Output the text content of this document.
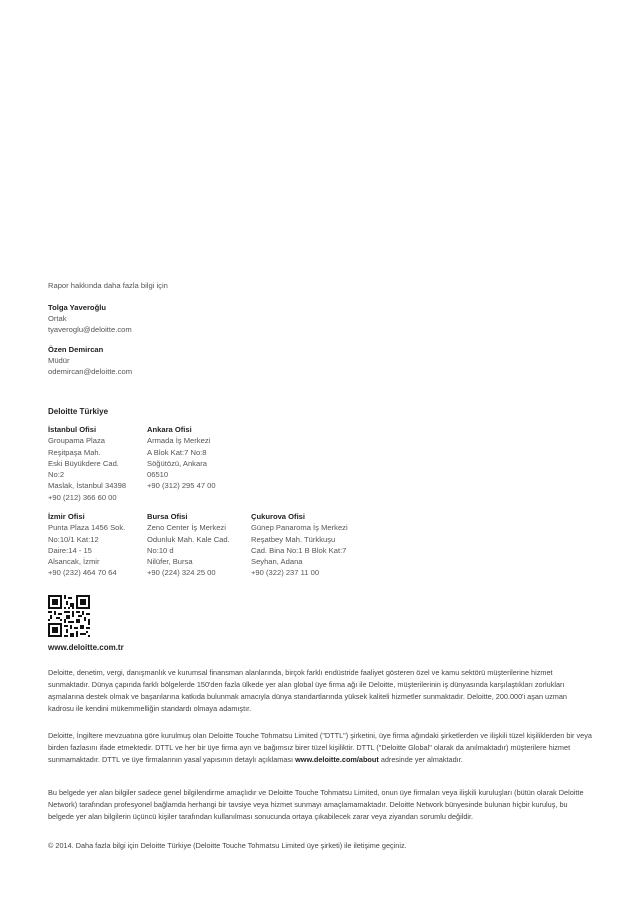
Rapor hakkında daha fazla bilgi için
Tolga Yaveroğlu
Ortak
tyaveroglu@deloitte.com
Özen Demircan
Müdür
odemircan@deloitte.com
Deloitte Türkiye
İstanbul Ofisi
Groupama Plaza
Reşitpaşa Mah.
Eski Büyükdere Cad.
No:2
Maslak, İstanbul 34398
+90 (212) 366 60 00
Ankara Ofisi
Armada İş Merkezi
A Blok Kat:7 No:8
Söğütözü, Ankara
06510
+90 (312) 295 47 00
İzmir Ofisi
Punta Plaza 1456 Sok.
No:10/1 Kat:12
Daire:14 - 15
Alsancak, İzmir
+90 (232) 464 70 64
Bursa Ofisi
Zeno Center İş Merkezi
Odunluk Mah. Kale Cad.
No:10 d
Nilüfer, Bursa
+90 (224) 324 25 00
Çukurova Ofisi
Günep Panaroma İş Merkezi
Reşatbey Mah. Türkkuşu
Cad. Bina No:1 B Blok Kat:7
Seyhan, Adana
+90 (322) 237 11 00
www.deloitte.com.tr
Deloitte, denetim, vergi, danışmanlık ve kurumsal finansman alanlarında, birçok farklı endüstride faaliyet gösteren özel ve kamu sektörü müşterilerine hizmet sunmaktadır. Dünya çapında farklı bölgelerde 150'den fazla ülkede yer alan global üye firma ağı ile Deloitte, müşterilerinin iş dünyasında karşılaştıkları zorlukları aşmalarına destek olmak ve başarılarına katkıda bulunmak amacıyla dünya standartlarında yüksek kaliteli hizmetler sunmaktadır. Deloitte, 200.000'i aşan uzman kadrosu ile kendini mükemmelliğin standardı olmaya adamıştır.
Deloitte, İngiltere mevzuatına göre kurulmuş olan Deloitte Touche Tohmatsu Limited ("DTTL") şirketini, üye firma ağındaki şirketlerden ve ilişkili tüzel kişiliklerden bir veya birden fazlasını ifade etmektedir. DTTL ve her bir üye firma ayrı ve bağımsız birer tüzel kişiliktir. DTTL ("Deloitte Global" olarak da anılmaktadır) müşterilere hizmet sunmamaktadır. DTTL ve üye firmalarının yasal yapısının detaylı açıklaması www.deloitte.com/about adresinde yer almaktadır.
Bu belgede yer alan bilgiler sadece genel bilgilendirme amaçlıdır ve Deloitte Touche Tohmatsu Limited, onun üye firmaları veya ilişkili kuruluşları (bütün olarak Deloitte Network) tarafından profesyonel bağlamda herhangi bir tavsiye veya hizmet sunmayı amaçlamamaktadır. Deloitte Network bünyesinde bulunan hiçbir kuruluş, bu belgede yer alan bilgilerin üçüncü kişiler tarafından kullanılması sonucunda ortaya çıkabilecek zarar veya ziyandan sorumlu değildir.
© 2014. Daha fazla bilgi için Deloitte Türkiye (Deloitte Touche Tohmatsu Limited üye şirketi) ile iletişime geçiniz.
